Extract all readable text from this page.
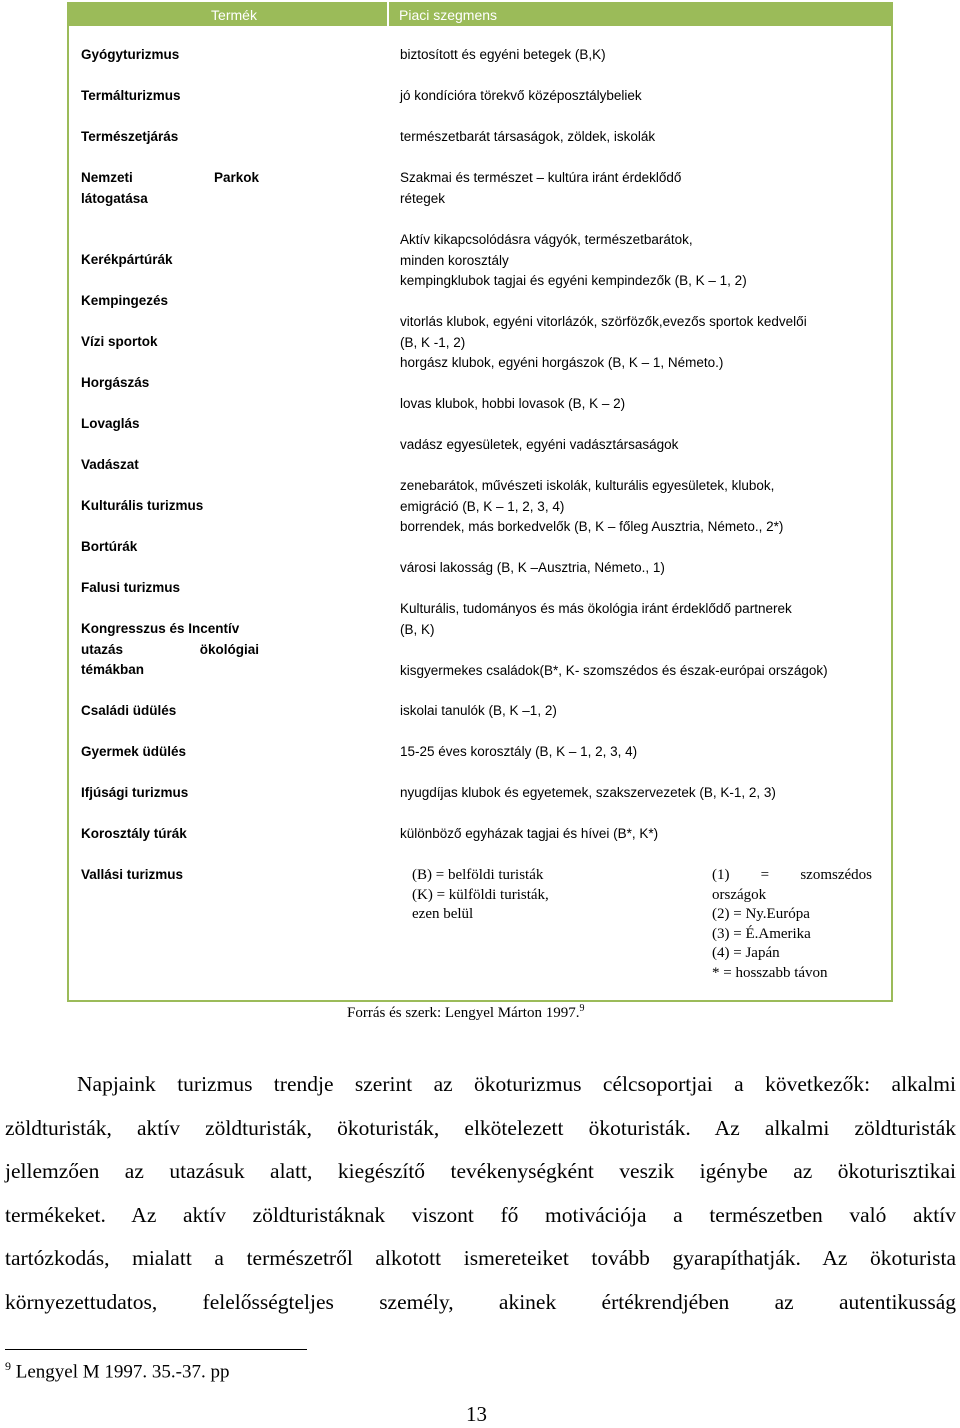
Termék	Piaci szegmens
Gyógyturizmus
Termálturizmus
Természetjárás
Nemzeti	Parkok
látogatása
Kerékpártúrák
Kempingezés
Vízi sportok
Horgászás
Lovaglás
Vadászat
Kulturális turizmus
Bortúrák
Falusi turizmus
Kongresszus és Incentív
utazás ökológiai
témákban
Családi üdülés
Gyermek üdülés
Ifjúsági turizmus
Korosztály túrák
Vallási turizmus
biztosított és egyéni betegek (B,K)
jó kondícióra törekvő középosztálybeliek
természetbarát társaságok, zöldek, iskolák
Szakmai és természet – kultúra iránt érdeklődő
rétegek
Aktív kikapcsolódásra vágyók, természetbarátok,
minden korosztály
kempingklubok tagjai és egyéni kempindezők (B, K – 1, 2)
vitorlás klubok, egyéni vitorlázók, szörfözők,evezős sportok kedvelői
(B, K -1, 2)
horgász klubok, egyéni horgászok (B, K – 1, Németo.)
lovas klubok, hobbi lovasok (B, K – 2)
vadász egyesületek, egyéni vadásztársaságok
zenebarátok, művészeti iskolák, kulturális egyesületek, klubok,
emigráció (B, K – 1, 2, 3, 4)
borrendek, más borkedvelők (B, K – főleg Ausztria, Németo., 2*)
városi lakosság (B, K –Ausztria, Németo., 1)
Kulturális, tudományos és más ökológia iránt érdeklődő partnerek
(B, K)
kisgyermekes családok(B*, K- szomszédos és észak-európai országok)
iskolai tanulók (B, K –1, 2)
15-25 éves korosztály (B, K – 1, 2, 3, 4)
nyugdíjas klubok és egyetemek, szakszervezetek (B, K-1, 2, 3)
különböző egyházak tagjai és hívei (B*, K*)
(B) = belföldi turisták
(K) = külföldi turisták,
ezen belül
(1) = szomszédos
országok
(2) = Ny.Európa
(3) = É.Amerika
(4) = Japán
* = hosszabb távon
Forrás és szerk: Lengyel Márton 1997.$^9$
Napjaink turizmus trendje szerint az ökoturizmus célcsoportjai a következők: alkalmi
zöldturisták, aktív zöldturisták, ökoturisták, elkötelezett ökoturisták. Az alkalmi zöldturisták
jellemzően az utazásuk alatt, kiegészítő tevékenységként veszik igénybe az ökoturisztikai
termékeket. Az aktív zöldturistáknak viszont fő motivációja a természetben való aktív
tartózkodás, mialatt a természetről alkotott ismereteiket tovább gyarapíthatják. Az ökoturista
környezettudatos, felelősségteljes személy, akinek értékrendjében az autentikusság
$^9$ Lengyel M 1997. 35.-37. pp
13
